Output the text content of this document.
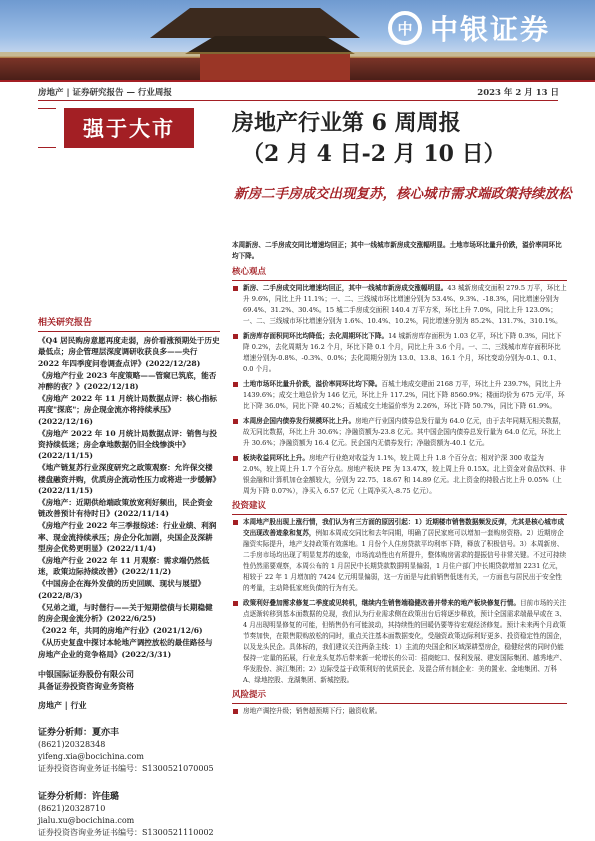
中 中银证券
房地产 | 证券研究报告 — 行业周报	2023 年 2 月 13 日
强于大市	房地产行业第 6 周周报
（2 月 4 日-2 月 10 日）
新房二手房成交出现复苏，核心城市需求端政策持续放松
相关研究报告
《Q4 居民购房意愿再度走弱，房价看涨预期处于历史最低点；房企管理层深度调研收获良多——央行 2022 年四季度问卷调查点评》(2022/12/28)
《房地产行业 2023 年度策略——管窥已筑底，能否冲醉的夜？》(2022/12/18)
《房地产 2022 年 11 月统计局数据点评：核心指标再度"探底"；房企现金流亦将持续承压》(2022/12/16)
《房地产 2022 年 10 月统计局数据点评：销售与投资持续低迷；房企拿地数据仍旧全线惨淡中》(2022/11/15)
《地产链复苏行业深度研究之政策观察：允许保交楼楼盘融资并购，优质房企流动性压力或将进一步缓解》(2022/11/15)
《房地产：近期供给端政策放宽利好频出，民企资金链改善预计有待时日》(2022/11/14)
《房地产行业 2022 年三季报综述：行业业绩、利润率、现金流持续承压；房企分化加剧，央国企及深耕型房企优势更明显》(2022/11/4)
《房地产行业 2022 年 11 月观察：需求端仍然低迷，政策边际持续改善》(2022/11/2)
《中国房企在海外发债的历史回顾、现状与展望》(2022/8/3)
《兄弟之道，与时偕行——关于短期偿债与长期稳健的房企现金流分析》(2022/6/25)
《2022 年，共同的房地产行业》(2021/12/6)
《从历史复盘中探讨本轮地产调控放松的最佳路径与房地产企业的竞争格局》(2022/3/31)
中银国际证券股份有限公司
具备证券投资咨询业务资格
房地产 | 行业
证券分析师：夏亦丰
(8621)20328348
yifeng.xia@bocichina.com
证券投资咨询业务证书编号：S1300521070005
证券分析师：许佳璐
(8621)20328710
jialu.xu@bocichina.com
证券投资咨询业务证书编号：S1300521110002
本周新房、二手房成交同比增速均回正；其中一线城市新房成交涨幅明显。土地市场环比量升价跌，溢价率同环比均下降。
核心观点
新房、二手房成交同比增速均回正，其中一线城市新房成交涨幅明显。43 城新房成交面积 279.5 万平，环比上升 9.6%，同比上升 11.1%；一、二、三线城市环比增速分别为 53.4%、9.3%、-18.3%，同比增速分别为 69.4%、31.2%、30.4%。15 城二手房成交面积 140.4 万平方米，环比上升 7.0%，同比上升 123.0%；一、二、三线城市环比增速分别为 1.6%、10.4%、10.2%，同比增速分别为 85.2%、131.7%、310.1%。
新房库存面积同环比均降低；去化周期环比下降。14 城新房库存面积为 1.03 亿平，环比下降 0.3%，同比下降 0.2%，去化周期为 16.2 个月，环比下降 0.1 个月，同比上升 3.6 个月。一、二、三线城市库存面积环比增速分别为-0.8%、-0.3%、0.0%；去化周期分别为 13.0、13.8、16.1 个月，环比变动分别为-0.1、0.1、0.0 个月。
土地市场环比量升价跌，溢价率同环比均下降。百城土地成交建面 2168 万平，环比上升 239.7%，同比上升 1439.6%；成交土地总价为 146 亿元，环比上升 117.2%，同比下降 8560.9%；楼面均价为 675 元/平，环比下降 36.0%，同比下降 40.2%；百城成交土地溢价率为 2.26%，环比下降 50.7%，同比下降 61.9%。
本周房企国内债券发行规模环比上升。房地产行业国内债券总发行量为 64.0 亿元，由于去年同期无相关数据，故无同比数据，环比上升 30.6%；净融资额为-23.8 亿元。其中国企国内债券总发行量为 64.0 亿元，环比上升 30.6%；净融资额为 16.4 亿元。民企国内无债券发行；净融资额为-40.1 亿元。
板块收益同环比上升。房地产行业绝对收益为 1.1%，较上周上升 1.8 个百分点；相对沪深 300 收益为 2.0%，较上周上升 1.7 个百分点。房地产板块 PE 为 13.47X，较上周上升 0.15X。北上资金对食品饮料、非银金融和计算机加仓金额较大，分别为 22.75、18.67 和 14.89 亿元。北上资金的持股占比上升 0.05%（上周为下降 0.07%），净买入 6.57 亿元（上周净买入-8.75 亿元）。
投资建议
本周地产股出现上涨行情，我们认为有三方面的原因引起：1）近期楼市销售数据频发反弹，尤其是核心城市成交出现改善迹象和复苏，例如本周成交同比和去年同期，明确了居民家庭可以增加一套购房资格。2）近期房企融资实际提升，地产支持政策有效落地。1 月份个人住房贷款平均利率下降，释放了积极信号。3）本周新房、二手房市场均出现了明显复苏的迹象，市场流动性也有所提升，整体购房需求的提振信号非常关键。不过可持续性仍然需要观察，本周公布的 1 月居民中长期贷款数据明显偏弱，1 月住户部门中长期贷款增加 2231 亿元，相较于 22 年 1 月增加的 7424 亿元明显偏弱，这一方面是与此前销售低迷有关，一方面也与居民出于安全性的考量，主动降低家庭负债的行为有关。
政策利好叠加需求修复二季度或见转机，继续内生销售端稳健改善并带来的地产板块修复行情。目前市场的关注点逐渐转移到基本面数据的兑现，我们认为行业需求侧在政策出台后将逐步释放，预计全国需求端最早或在 3、4 月出现明显修复的可能，但销售仍有可能波动，其持续性的回暖仍要等待宏观经济修复。预计未来两个月政策节奏加快，在限售限购放松的同时，重点关注基本面数据变化，受融资政策边际利好更多、投资稳定性的国企，以及龙头民企。具体标的，我们建议关注两条主线：1）主流的央国企和区域深耕型房企，稳健经营的同时仍能保持一定量的拓展，行业龙头复苏后带来新一轮增长的公司：招商蛇口、保利发展、建发国际集团、越秀地产、华发股份、滨江集团；2）边际受益于政策利好的优质民企、及混合所有制企业：美的置业、金地集团、万科A、绿地控股、龙湖集团、新城控股。
风险提示
房地产调控升级；销售超预期下行；融资收紧。
